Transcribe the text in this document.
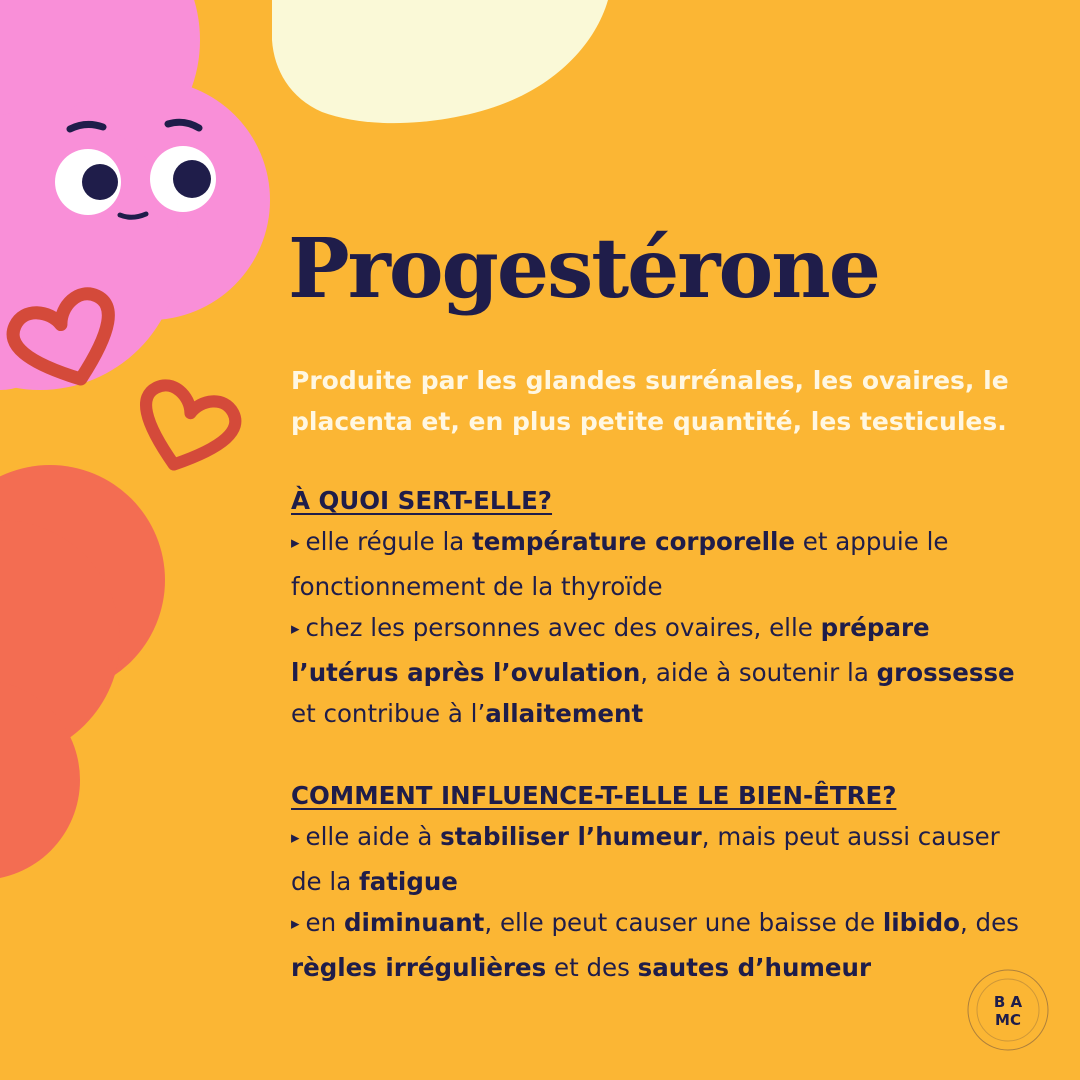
Progestérone

Produite par les glandes surrénales, les ovaires, le placenta et, en plus petite quantité, les testicules.

À QUOI SERT-ELLE?

▸ elle régule la température corporelle et appuie le fonctionnement de la thyroïde

▸ chez les personnes avec des ovaires, elle prépare l’utérus après l’ovulation, aide à soutenir la grossesse et contribue à l’allaitement

COMMENT INFLUENCE-T-ELLE LE BIEN-ÊTRE?

▸ elle aide à stabiliser l’humeur, mais peut aussi causer de la fatigue

▸ en diminuant, elle peut causer une baisse de libido, des règles irrégulières et des sautes d’humeur

B A
MC
